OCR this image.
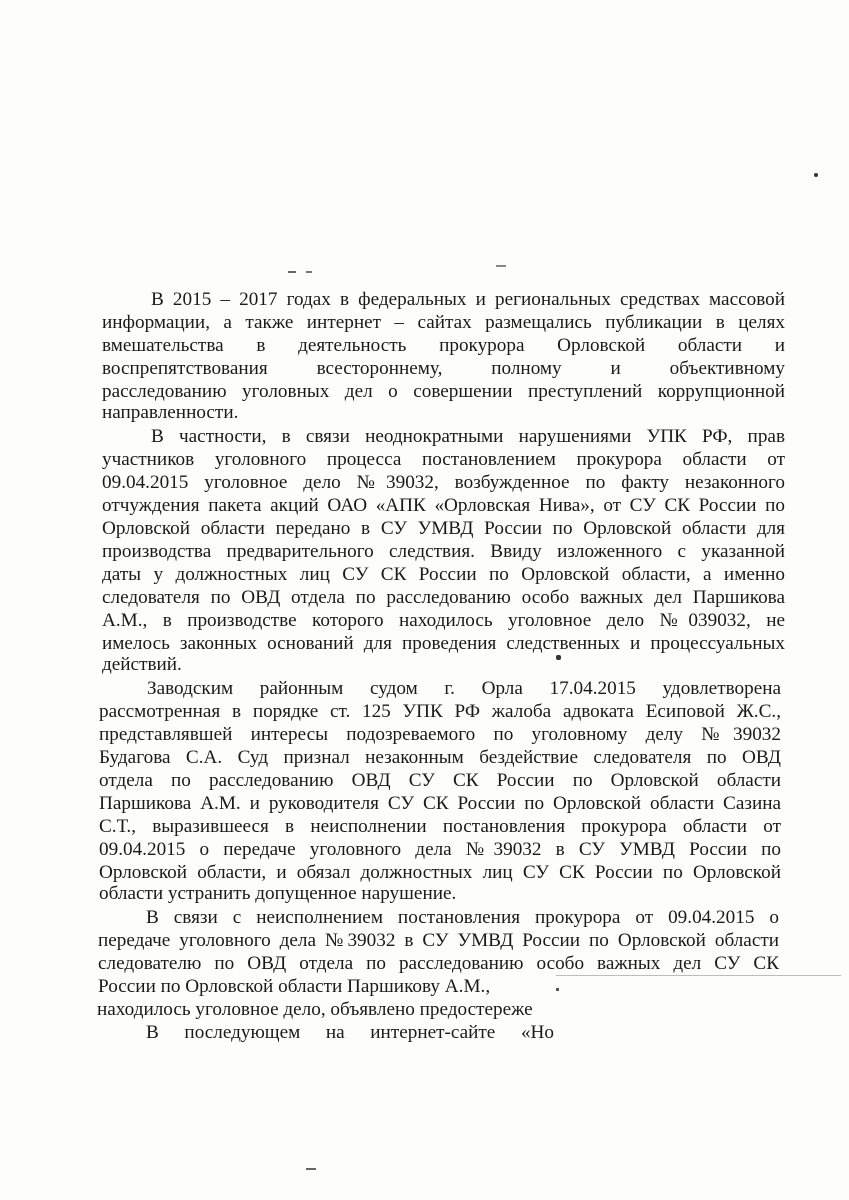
В 2015 – 2017 годах в федеральных и региональных средствах массовой
информации, а также интернет – сайтах размещались публикации в целях
вмешательства в деятельность прокурора Орловской области и
воспрепятствования всестороннему, полному и объективному
расследованию уголовных дел о совершении преступлений коррупционной
направленности.
В частности, в связи неоднократными нарушениями УПК РФ, прав
участников уголовного процесса постановлением прокурора области от
09.04.2015 уголовное дело №39032, возбужденное по факту незаконного
отчуждения пакета акций ОАО «АПК «Орловская Нива», от СУ СК России по
Орловской области передано в СУ УМВД России по Орловской области для
производства предварительного следствия. Ввиду изложенного с указанной
даты у должностных лиц СУ СК России по Орловской области, а именно
следователя по ОВД отдела по расследованию особо важных дел Паршикова
А.М., в производстве которого находилось уголовное дело №039032, не
имелось законных оснований для проведения следственных и процессуальных
действий.
Заводским районным судом г. Орла 17.04.2015 удовлетворена
рассмотренная в порядке ст. 125 УПК РФ жалоба адвоката Есиповой Ж.С.,
представлявшей интересы подозреваемого по уголовному делу №39032
Будагова С.А. Суд признал незаконным бездействие следователя по ОВД
отдела по расследованию ОВД СУ СК России по Орловской области
Паршикова А.М. и руководителя СУ СК России по Орловской области Сазина
С.Т., выразившееся в неисполнении постановления прокурора области от
09.04.2015 о передаче уголовного дела №39032 в СУ УМВД России по
Орловской области, и обязал должностных лиц СУ СК России по Орловской
области устранить допущенное нарушение.
В связи с неисполнением постановления прокурора от 09.04.2015 о
передаче уголовного дела №39032 в СУ УМВД России по Орловской области
следователю по ОВД отдела по расследованию особо важных дел СУ СК
России по Орловской области Паршикову А.М.,
находилось уголовное дело, объявлено предостереже
В последующем на интернет-сайте «Но
